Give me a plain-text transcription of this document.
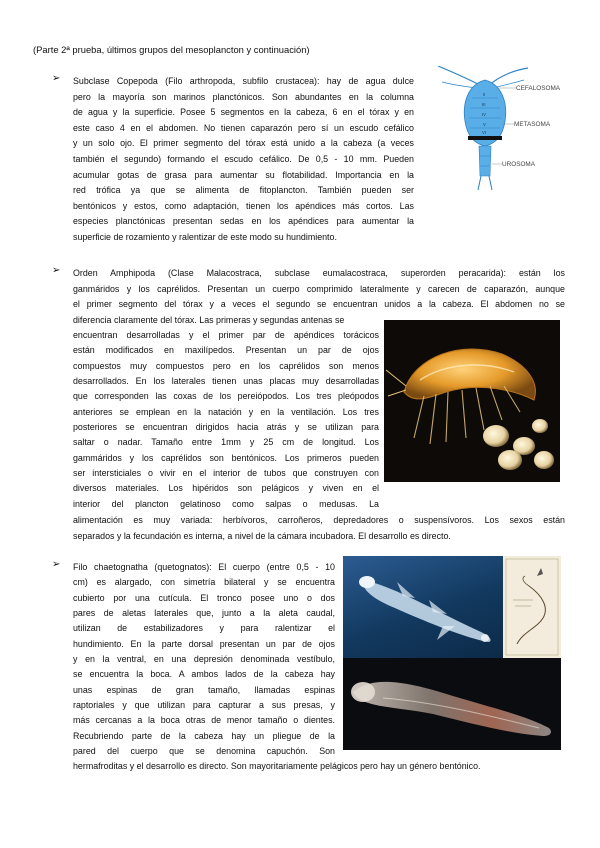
(Parte 2ª prueba, últimos grupos del mesoplancton y continuación)
➢ Subclase Copepoda (Filo arthropoda, subfilo crustacea): hay de agua dulce
pero la mayoría son marinos planctónicos. Son abundantes en la columna
de agua y la superficie. Posee 5 segmentos en la cabeza, 6 en el tórax y en
este caso 4 en el abdomen. No tienen caparazón pero sí un escudo cefálico
y un solo ojo. El primer segmento del tórax está unido a la cabeza (a veces
también el segundo) formando el escudo cefálico. De 0,5 - 10 mm. Pueden
acumular gotas de grasa para aumentar su flotabilidad. Importancia en la
red trófica ya que se alimenta de fitoplancton. También pueden ser
bentónicos y estos, como adaptación, tienen los apéndices más cortos. Las
especies planctónicas presentan sedas en los apéndices para aumentar la
superficie de rozamiento y ralentizar de este modo su hundimiento.
II
III
IV
V
VI
CEFALOSOMA
METASOMA
UROSOMA
➢ Orden Amphipoda (Clase Malacostraca, subclase eumalacostraca, superorden peracarida): están los
ganmáridos y los caprélidos. Presentan un cuerpo comprimido lateralmente y carecen de caparazón, aunque
el primer segmento del tórax y a veces el segundo se encuentran unidos a la cabeza. El abdomen no se
diferencia claramente del tórax. Las primeras y segundas antenas se
encuentran desarrolladas y el primer par de apéndices torácicos
están modificados en maxilípedos. Presentan un par de ojos
compuestos muy compuestos pero en los caprélidos son menos
desarrollados. En los laterales tienen unas placas muy desarrolladas
que corresponden las coxas de los pereiópodos. Los tres pleópodos
anteriores se emplean en la natación y en la ventilación. Los tres
posteriores se encuentran dirigidos hacia atrás y se utilizan para
saltar o nadar. Tamaño entre 1mm y 25 cm de longitud. Los
gammáridos y los caprélidos son bentónicos. Los primeros pueden
ser intersticiales o vivir en el interior de tubos que construyen con
diversos materiales. Los hipéridos son pelágicos y viven en el
interior del plancton gelatinoso como salpas o medusas. La
alimentación es muy variada: herbívoros, carroñeros, depredadores o suspensívoros. Los sexos están
separados y la fecundación es interna, a nivel de la cámara incubadora. El desarrollo es directo.
➢ Filo chaetognatha (quetognatos): El cuerpo (entre 0,5 - 10
cm) es alargado, con simetría bilateral y se encuentra
cubierto por una cutícula. El tronco posee uno o dos
pares de aletas laterales que, junto a la aleta caudal,
utilizan de estabilizadores y para ralentizar el
hundimiento. En la parte dorsal presentan un par de ojos
y en la ventral, en una depresión denominada vestíbulo,
se encuentra la boca. A ambos lados de la cabeza hay
unas espinas de gran tamaño, llamadas espinas
raptoriales y que utilizan para capturar a sus presas, y
más cercanas a la boca otras de menor tamaño o dientes.
Recubriendo parte de la cabeza hay un pliegue de la
pared del cuerpo que se denomina capuchón. Son
hermafroditas y el desarrollo es directo. Son mayoritariamente pelágicos pero hay un género bentónico.
